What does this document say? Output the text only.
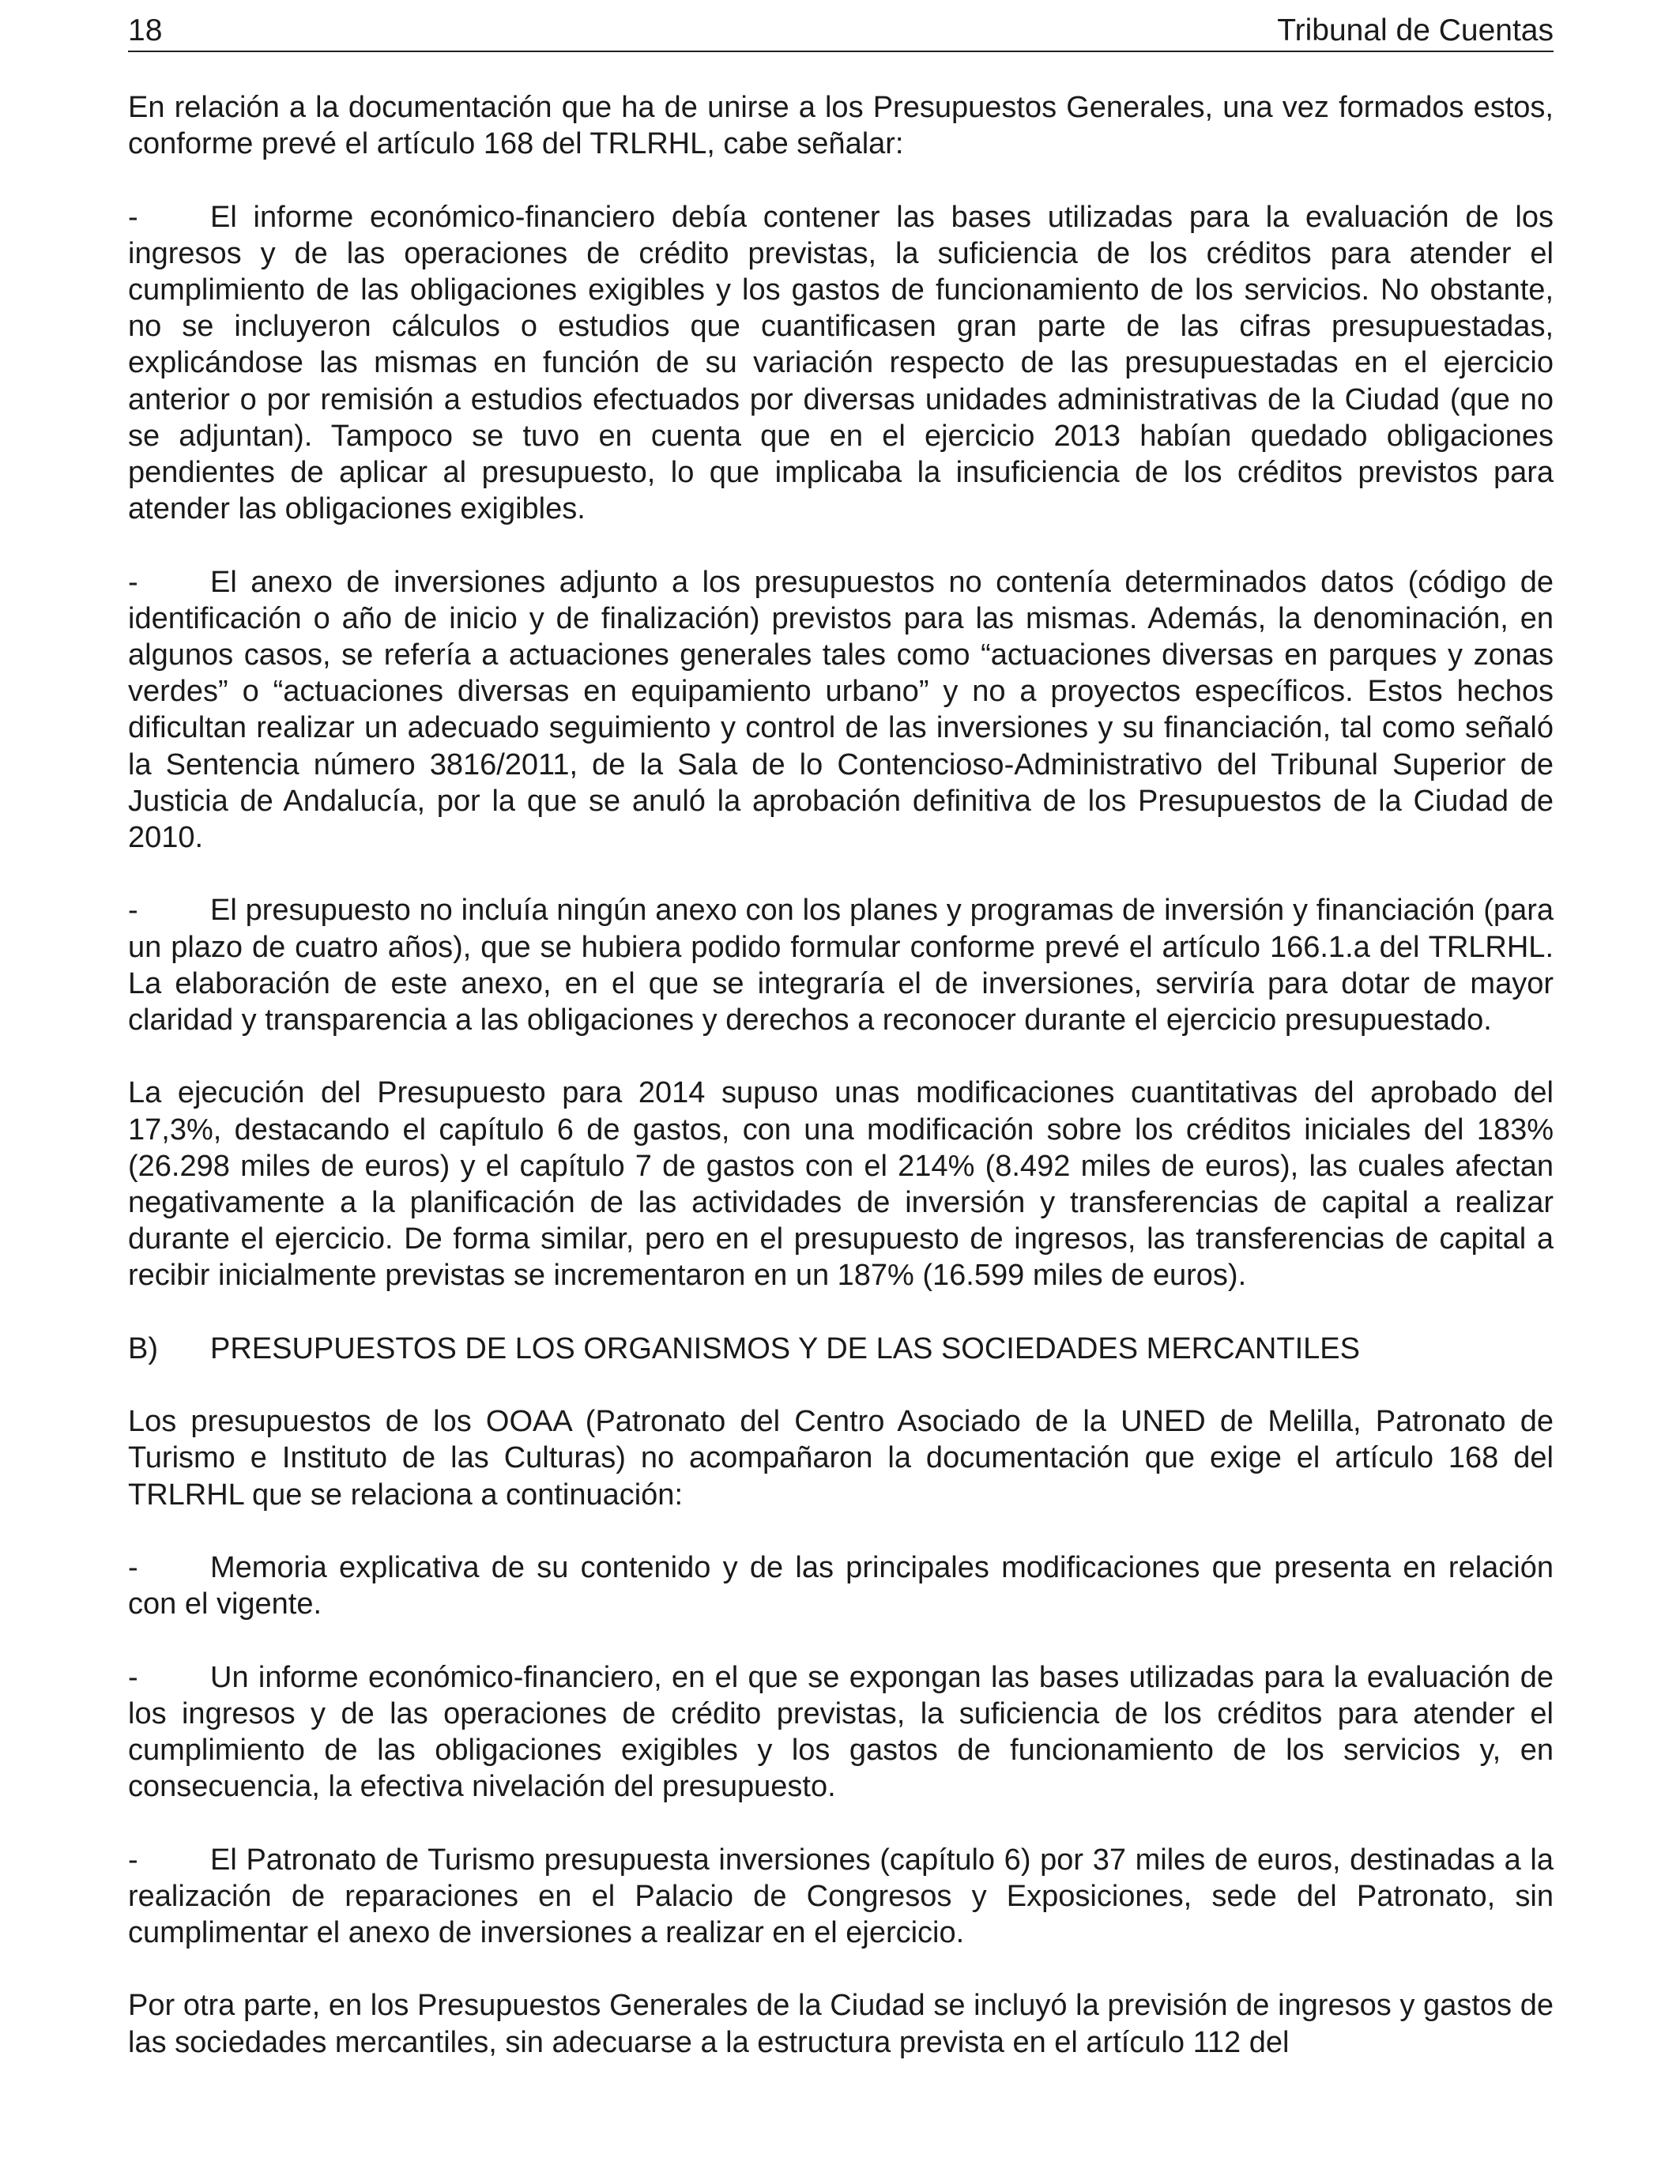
18	Tribunal de Cuentas

En relación a la documentación que ha de unirse a los Presupuestos Generales, una vez formados estos, conforme prevé el artículo 168 del TRLRHL, cabe señalar:

- El informe económico-financiero debía contener las bases utilizadas para la evaluación de los ingresos y de las operaciones de crédito previstas, la suficiencia de los créditos para atender el cumplimiento de las obligaciones exigibles y los gastos de funcionamiento de los servicios. No obstante, no se incluyeron cálculos o estudios que cuantificasen gran parte de las cifras presupuestadas, explicándose las mismas en función de su variación respecto de las presupuestadas en el ejercicio anterior o por remisión a estudios efectuados por diversas unidades administrativas de la Ciudad (que no se adjuntan). Tampoco se tuvo en cuenta que en el ejercicio 2013 habían quedado obligaciones pendientes de aplicar al presupuesto, lo que implicaba la insuficiencia de los créditos previstos para atender las obligaciones exigibles.

- El anexo de inversiones adjunto a los presupuestos no contenía determinados datos (código de identificación o año de inicio y de finalización) previstos para las mismas. Además, la denominación, en algunos casos, se refería a actuaciones generales tales como “actuaciones diversas en parques y zonas verdes” o “actuaciones diversas en equipamiento urbano” y no a proyectos específicos. Estos hechos dificultan realizar un adecuado seguimiento y control de las inversiones y su financiación, tal como señaló la Sentencia número 3816/2011, de la Sala de lo Contencioso-Administrativo del Tribunal Superior de Justicia de Andalucía, por la que se anuló la aprobación definitiva de los Presupuestos de la Ciudad de 2010.

- El presupuesto no incluía ningún anexo con los planes y programas de inversión y financiación (para un plazo de cuatro años), que se hubiera podido formular conforme prevé el artículo 166.1.a del TRLRHL. La elaboración de este anexo, en el que se integraría el de inversiones, serviría para dotar de mayor claridad y transparencia a las obligaciones y derechos a reconocer durante el ejercicio presupuestado.

La ejecución del Presupuesto para 2014 supuso unas modificaciones cuantitativas del aprobado del 17,3%, destacando el capítulo 6 de gastos, con una modificación sobre los créditos iniciales del 183% (26.298 miles de euros) y el capítulo 7 de gastos con el 214% (8.492 miles de euros), las cuales afectan negativamente a la planificación de las actividades de inversión y transferencias de capital a realizar durante el ejercicio. De forma similar, pero en el presupuesto de ingresos, las transferencias de capital a recibir inicialmente previstas se incrementaron en un 187% (16.599 miles de euros).

B) PRESUPUESTOS DE LOS ORGANISMOS Y DE LAS SOCIEDADES MERCANTILES

Los presupuestos de los OOAA (Patronato del Centro Asociado de la UNED de Melilla, Patronato de Turismo e Instituto de las Culturas) no acompañaron la documentación que exige el artículo 168 del TRLRHL que se relaciona a continuación:

- Memoria explicativa de su contenido y de las principales modificaciones que presenta en relación con el vigente.

- Un informe económico-financiero, en el que se expongan las bases utilizadas para la evaluación de los ingresos y de las operaciones de crédito previstas, la suficiencia de los créditos para atender el cumplimiento de las obligaciones exigibles y los gastos de funcionamiento de los servicios y, en consecuencia, la efectiva nivelación del presupuesto.

- El Patronato de Turismo presupuesta inversiones (capítulo 6) por 37 miles de euros, destinadas a la realización de reparaciones en el Palacio de Congresos y Exposiciones, sede del Patronato, sin cumplimentar el anexo de inversiones a realizar en el ejercicio.

Por otra parte, en los Presupuestos Generales de la Ciudad se incluyó la previsión de ingresos y gastos de las sociedades mercantiles, sin adecuarse a la estructura prevista en el artículo 112 del
